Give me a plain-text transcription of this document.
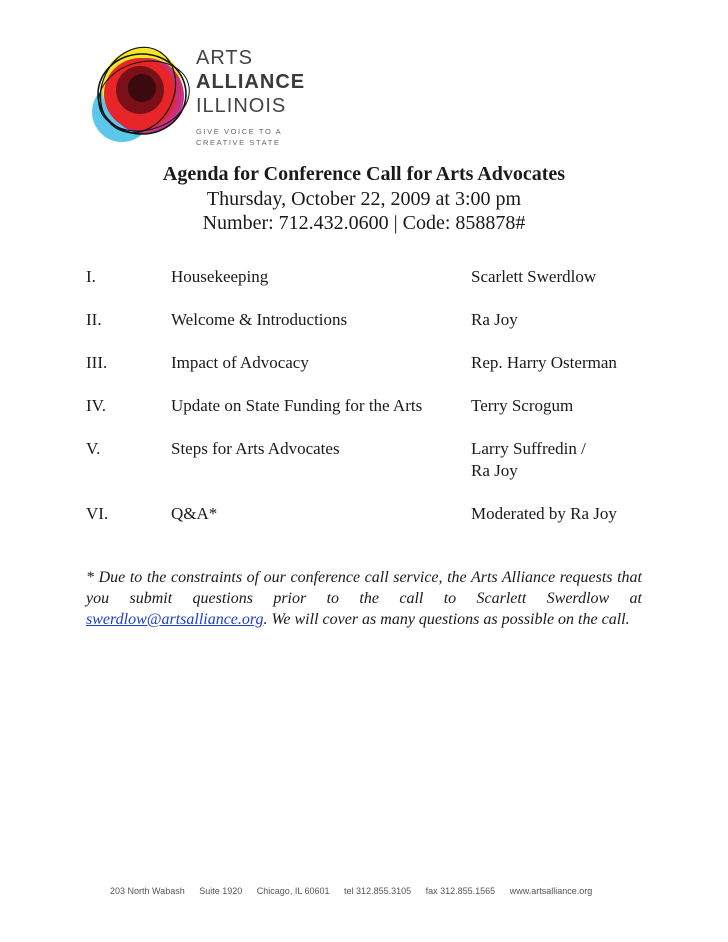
ARTS
ALLIANCE
ILLINOIS
GIVE VOICE TO A
CREATIVE STATE
Agenda for Conference Call for Arts Advocates
Thursday, October 22, 2009 at 3:00 pm
Number: 712.432.0600 | Code: 858878#
I.	Housekeeping	Scarlett Swerdlow
II.	Welcome & Introductions	Ra Joy
III.	Impact of Advocacy	Rep. Harry Osterman
IV.	Update on State Funding for the Arts	Terry Scrogum
V.	Steps for Arts Advocates	Larry Suffredin /
Ra Joy
VI.	Q&A*	Moderated by Ra Joy
* Due to the constraints of our conference call service, the Arts Alliance requests that you submit questions prior to the call to Scarlett Swerdlow at swerdlow@artsalliance.org. We will cover as many questions as possible on the call.
203 North Wabash Suite 1920 Chicago, IL 60601 tel 312.855.3105 fax 312.855.1565 www.artsalliance.org
